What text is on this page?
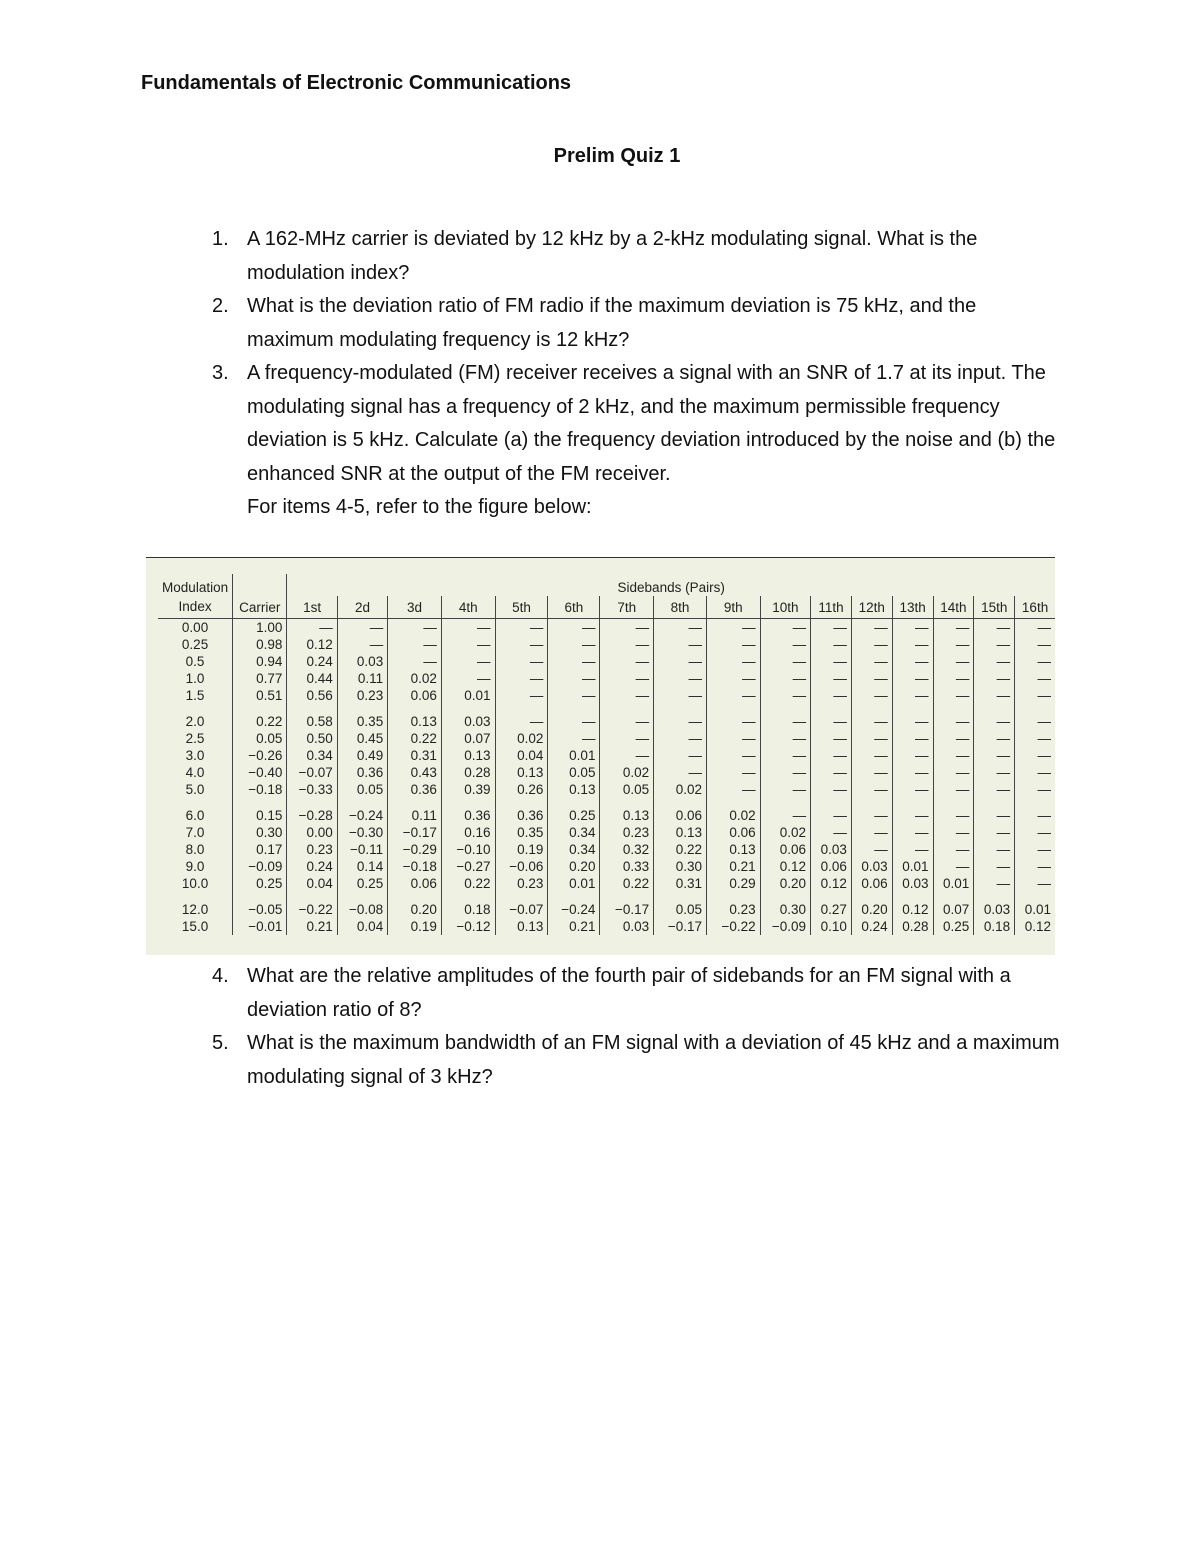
Fundamentals of Electronic Communications
Prelim Quiz 1
1. A 162-MHz carrier is deviated by 12 kHz by a 2-kHz modulating signal. What is the modulation index?
2. What is the deviation ratio of FM radio if the maximum deviation is 75 kHz, and the maximum modulating frequency is 12 kHz?
3. A frequency-modulated (FM) receiver receives a signal with an SNR of 1.7 at its input. The modulating signal has a frequency of 2 kHz, and the maximum permissible frequency deviation is 5 kHz. Calculate (a) the frequency deviation introduced by the noise and (b) the enhanced SNR at the output of the FM receiver.
For items 4-5, refer to the figure below:
Modulation
Index		Sidebands (Pairs)															
	Carrier	1st	2d	3d	4th	5th	6th	7th	8th	9th	10th	11th	12th	13th	14th	15th	16th
0.00	1.00	—	—	—	—	—	—	—	—	—	—	—	—	—	—	—	—
0.25	0.98	0.12	—	—	—	—	—	—	—	—	—	—	—	—	—	—	—
0.5	0.94	0.24	0.03	—	—	—	—	—	—	—	—	—	—	—	—	—	—
1.0	0.77	0.44	0.11	0.02	—	—	—	—	—	—	—	—	—	—	—	—	—
1.5	0.51	0.56	0.23	0.06	0.01	—	—	—	—	—	—	—	—	—	—	—	—
2.0	0.22	0.58	0.35	0.13	0.03	—	—	—	—	—	—	—	—	—	—	—	—
2.5	0.05	0.50	0.45	0.22	0.07	0.02	—	—	—	—	—	—	—	—	—	—	—
3.0	−0.26	0.34	0.49	0.31	0.13	0.04	0.01	—	—	—	—	—	—	—	—	—	—
4.0	−0.40	−0.07	0.36	0.43	0.28	0.13	0.05	0.02	—	—	—	—	—	—	—	—	—
5.0	−0.18	−0.33	0.05	0.36	0.39	0.26	0.13	0.05	0.02	—	—	—	—	—	—	—	—
6.0	0.15	−0.28	−0.24	0.11	0.36	0.36	0.25	0.13	0.06	0.02	—	—	—	—	—	—	—
7.0	0.30	0.00	−0.30	−0.17	0.16	0.35	0.34	0.23	0.13	0.06	0.02	—	—	—	—	—	—
8.0	0.17	0.23	−0.11	−0.29	−0.10	0.19	0.34	0.32	0.22	0.13	0.06	0.03	—	—	—	—	—
9.0	−0.09	0.24	0.14	−0.18	−0.27	−0.06	0.20	0.33	0.30	0.21	0.12	0.06	0.03	0.01	—	—	—
10.0	0.25	0.04	0.25	0.06	0.22	0.23	0.01	0.22	0.31	0.29	0.20	0.12	0.06	0.03	0.01	—	—
12.0	−0.05	−0.22	−0.08	0.20	0.18	−0.07	−0.24	−0.17	0.05	0.23	0.30	0.27	0.20	0.12	0.07	0.03	0.01
15.0	−0.01	0.21	0.04	0.19	−0.12	0.13	0.21	0.03	−0.17	−0.22	−0.09	0.10	0.24	0.28	0.25	0.18	0.12
4. What are the relative amplitudes of the fourth pair of sidebands for an FM signal with a deviation ratio of 8?
5. What is the maximum bandwidth of an FM signal with a deviation of 45 kHz and a maximum modulating signal of 3 kHz?
